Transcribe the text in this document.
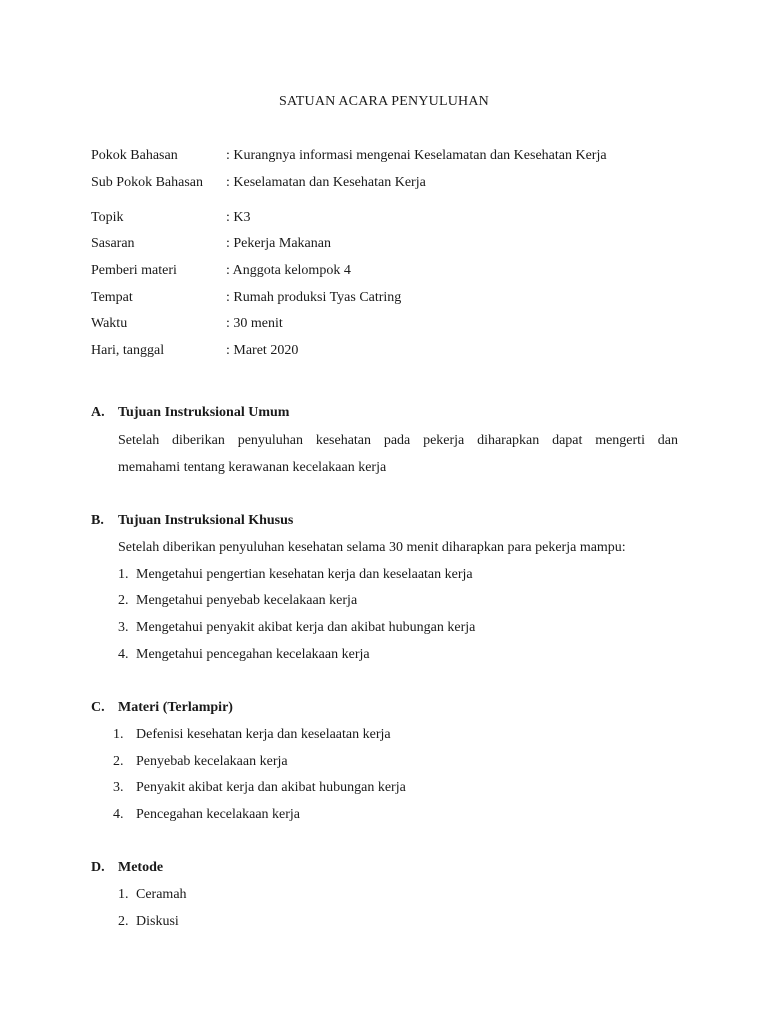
SATUAN ACARA PENYULUHAN
Pokok Bahasan	: Kurangnya informasi mengenai Keselamatan dan Kesehatan Kerja
Sub Pokok Bahasan : Keselamatan dan Kesehatan Kerja
Topik	: K3
Sasaran	: Pekerja Makanan
Pemberi materi	: Anggota kelompok 4
Tempat	: Rumah produksi Tyas Catring
Waktu	: 30 menit
Hari, tanggal	: Maret 2020
A. Tujuan Instruksional Umum
Setelah diberikan penyuluhan kesehatan pada pekerja diharapkan dapat mengerti dan
memahami tentang kerawanan kecelakaan kerja
B. Tujuan Instruksional Khusus
Setelah diberikan penyuluhan kesehatan selama 30 menit diharapkan para pekerja mampu:
1. Mengetahui pengertian kesehatan kerja dan keselaatan kerja
2. Mengetahui penyebab kecelakaan kerja
3. Mengetahui penyakit akibat kerja dan akibat hubungan kerja
4. Mengetahui pencegahan kecelakaan kerja
C. Materi (Terlampir)
1. Defenisi kesehatan kerja dan keselaatan kerja
2. Penyebab kecelakaan kerja
3. Penyakit akibat kerja dan akibat hubungan kerja
4. Pencegahan kecelakaan kerja
D. Metode
1. Ceramah
2. Diskusi
